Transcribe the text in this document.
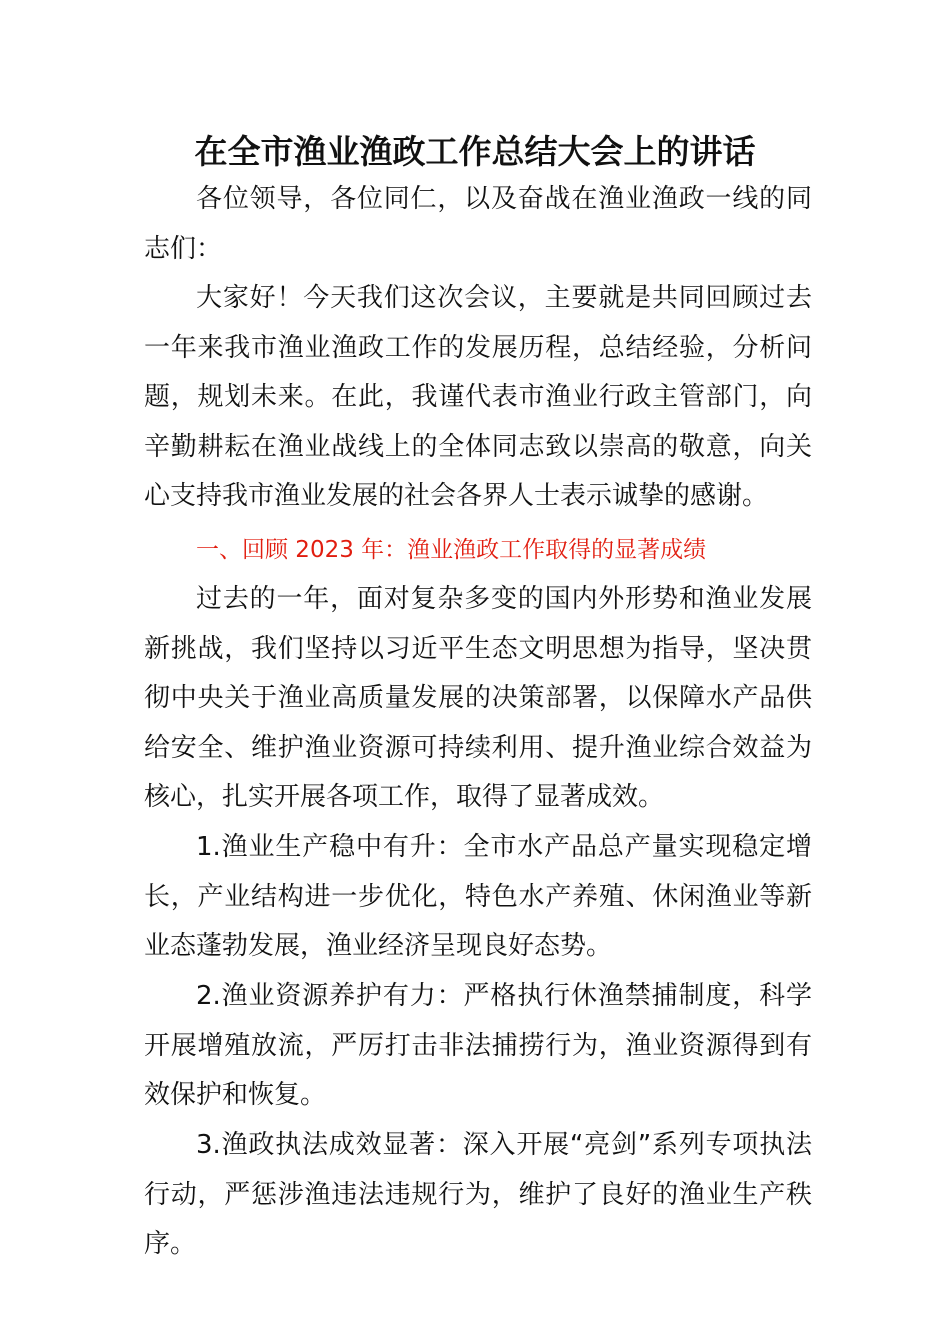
在全市渔业渔政工作总结大会上的讲话

各位领导，各位同仁，以及奋战在渔业渔政一线的同志们：

大家好！今天我们这次会议，主要就是共同回顾过去一年来我市渔业渔政工作的发展历程，总结经验，分析问题，规划未来。在此，我谨代表市渔业行政主管部门，向辛勤耕耘在渔业战线上的全体同志致以崇高的敬意，向关心支持我市渔业发展的社会各界人士表示诚挚的感谢。

一、回顾 2023 年：渔业渔政工作取得的显著成绩

过去的一年，面对复杂多变的国内外形势和渔业发展新挑战，我们坚持以习近平生态文明思想为指导，坚决贯彻中央关于渔业高质量发展的决策部署，以保障水产品供给安全、维护渔业资源可持续利用、提升渔业综合效益为核心，扎实开展各项工作，取得了显著成效。

1.渔业生产稳中有升：全市水产品总产量实现稳定增长，产业结构进一步优化，特色水产养殖、休闲渔业等新业态蓬勃发展，渔业经济呈现良好态势。

2.渔业资源养护有力：严格执行休渔禁捕制度，科学开展增殖放流，严厉打击非法捕捞行为，渔业资源得到有效保护和恢复。

3.渔政执法成效显著：深入开展“亮剑”系列专项执法行动，严惩涉渔违法违规行为，维护了良好的渔业生产秩序。
